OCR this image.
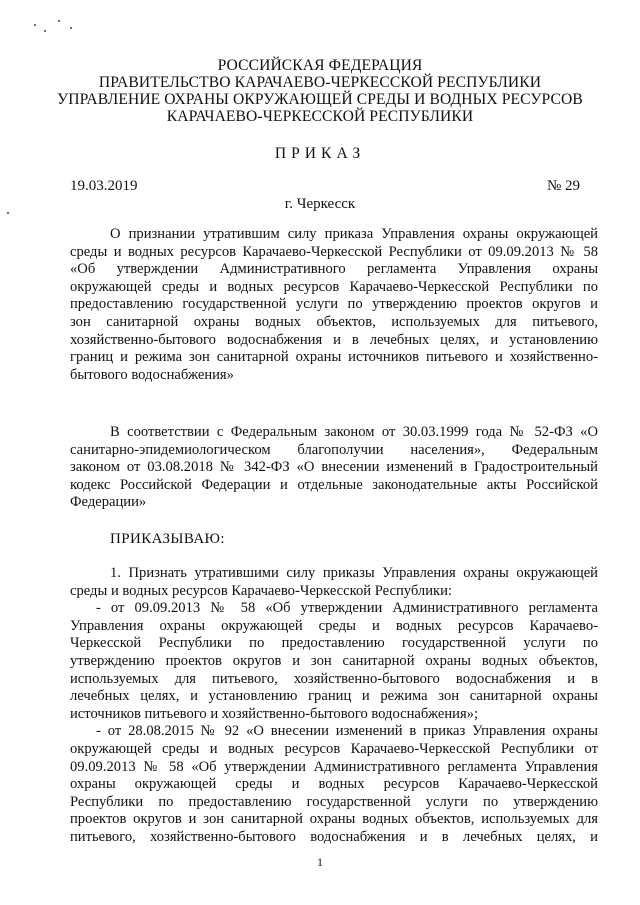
РОССИЙСКАЯ ФЕДЕРАЦИЯ
ПРАВИТЕЛЬСТВО КАРАЧАЕВО-ЧЕРКЕССКОЙ РЕСПУБЛИКИ
УПРАВЛЕНИЕ ОХРАНЫ ОКРУЖАЮЩЕЙ СРЕДЫ И ВОДНЫХ РЕСУРСОВ
КАРАЧАЕВО-ЧЕРКЕССКОЙ РЕСПУБЛИКИ
ПРИКАЗ
19.03.2019	№ 29
г. Черкесск
О признании утратившим силу приказа Управления охраны окружающей
среды и водных ресурсов Карачаево-Черкесской Республики от 09.09.2013 № 58
«Об утверждении Административного регламента Управления охраны
окружающей среды и водных ресурсов Карачаево-Черкесской Республики по
предоставлению государственной услуги по утверждению проектов округов и
зон санитарной охраны водных объектов, используемых для питьевого,
хозяйственно-бытового водоснабжения и в лечебных целях, и установлению
границ и режима зон санитарной охраны источников питьевого и хозяйственно-
бытового водоснабжения»
В соответствии с Федеральным законом от 30.03.1999 года № 52-ФЗ «О
санитарно-эпидемиологическом благополучии населения», Федеральным
законом от 03.08.2018 № 342-ФЗ «О внесении изменений в Градостроительный
кодекс Российской Федерации и отдельные законодательные акты Российской
Федерации»
ПРИКАЗЫВАЮ:
1. Признать утратившими силу приказы Управления охраны окружающей
среды и водных ресурсов Карачаево-Черкесской Республики:
- от 09.09.2013 № 58 «Об утверждении Административного регламента
Управления охраны окружающей среды и водных ресурсов Карачаево-
Черкесской Республики по предоставлению государственной услуги по
утверждению проектов округов и зон санитарной охраны водных объектов,
используемых для питьевого, хозяйственно-бытового водоснабжения и в
лечебных целях, и установлению границ и режима зон санитарной охраны
источников питьевого и хозяйственно-бытового водоснабжения»;
- от 28.08.2015 № 92 «О внесении изменений в приказ Управления охраны
окружающей среды и водных ресурсов Карачаево-Черкесской Республики от
09.09.2013 № 58 «Об утверждении Административного регламента Управления
охраны окружающей среды и водных ресурсов Карачаево-Черкесской
Республики по предоставлению государственной услуги по утверждению
проектов округов и зон санитарной охраны водных объектов, используемых для
питьевого, хозяйственно-бытового водоснабжения и в лечебных целях, и
1
